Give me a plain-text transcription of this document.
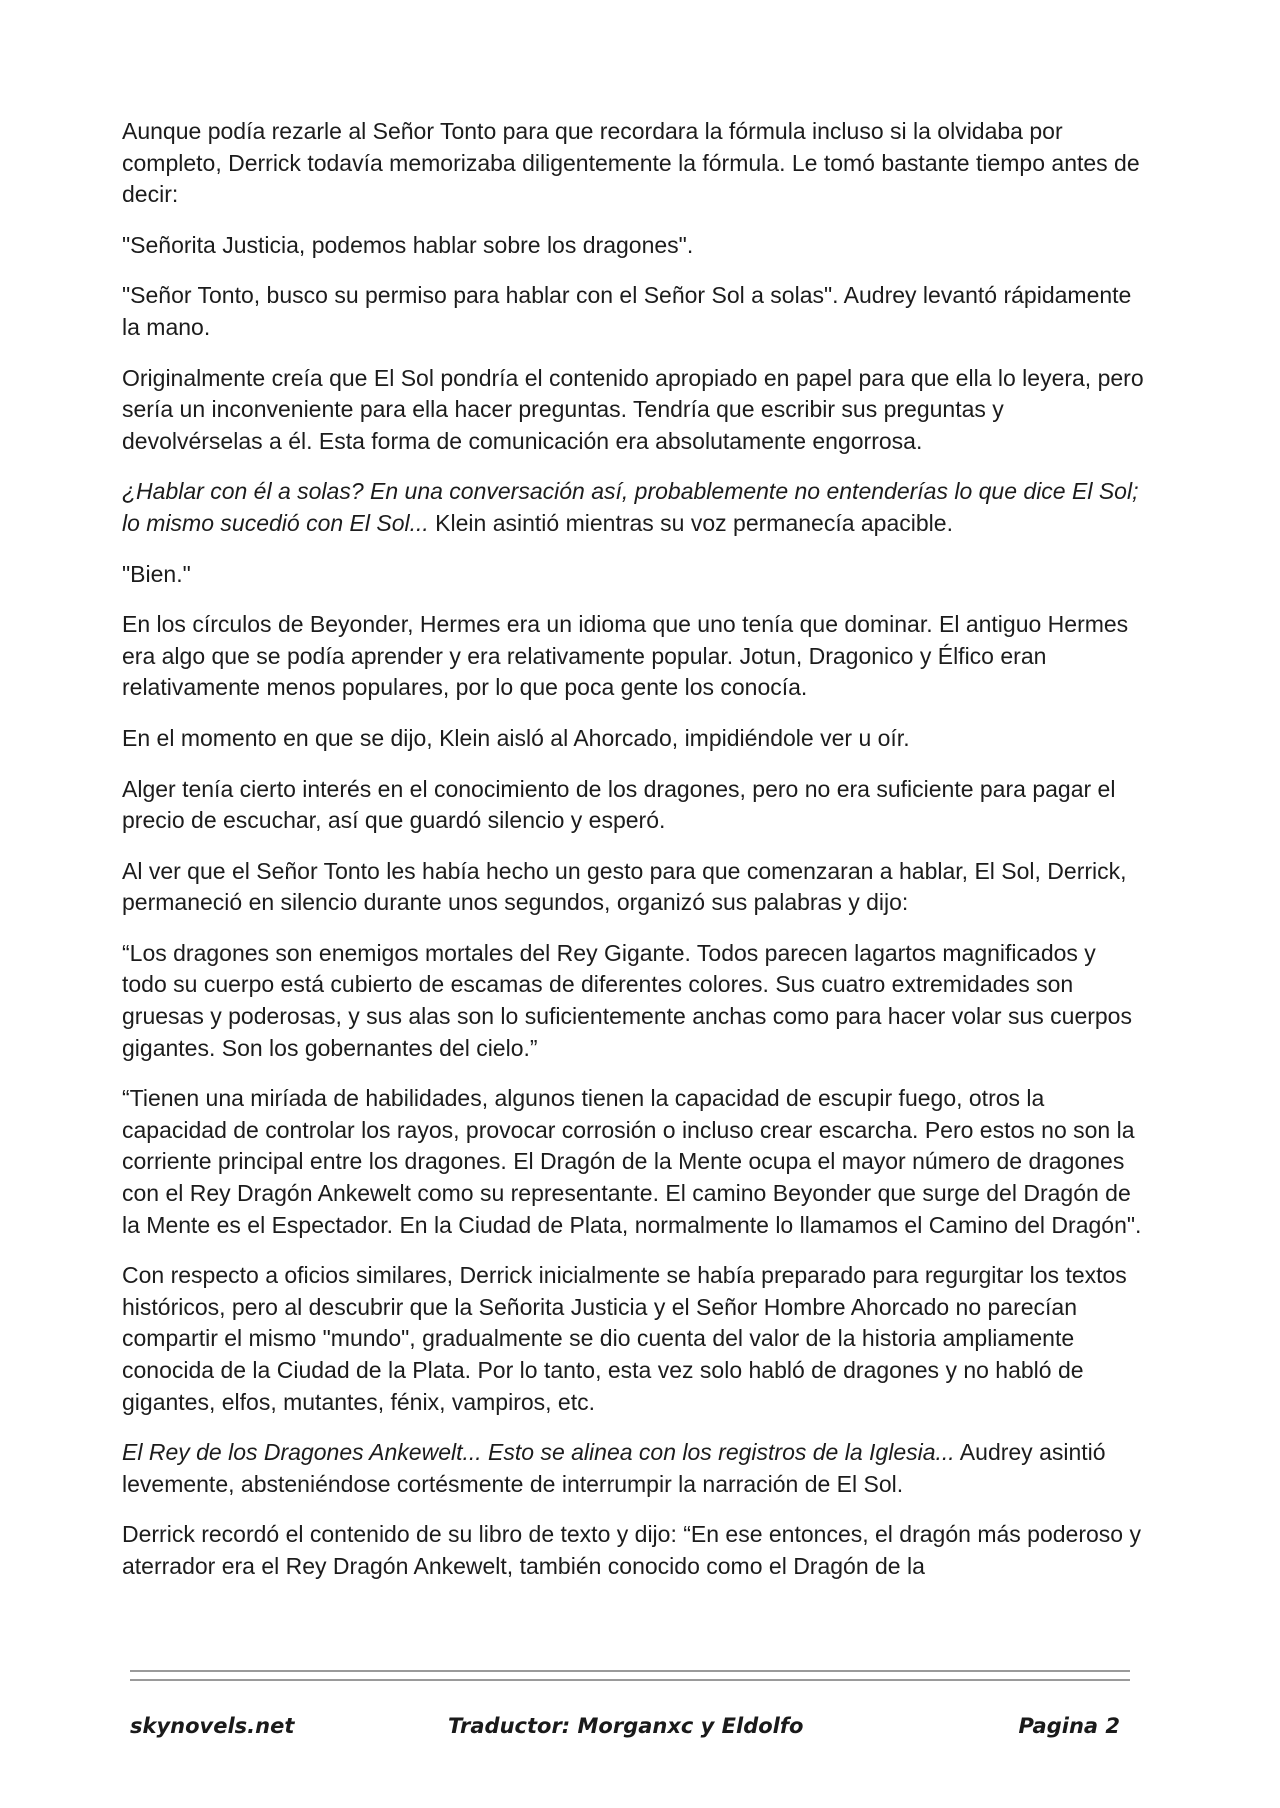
Aunque podía rezarle al Señor Tonto para que recordara la fórmula incluso si la olvidaba por completo, Derrick todavía memorizaba diligentemente la fórmula. Le tomó bastante tiempo antes de decir:

"Señorita Justicia, podemos hablar sobre los dragones".

"Señor Tonto, busco su permiso para hablar con el Señor Sol a solas". Audrey levantó rápidamente la mano.

Originalmente creía que El Sol pondría el contenido apropiado en papel para que ella lo leyera, pero sería un inconveniente para ella hacer preguntas. Tendría que escribir sus preguntas y devolvérselas a él. Esta forma de comunicación era absolutamente engorrosa.

¿Hablar con él a solas? En una conversación así, probablemente no entenderías lo que dice El Sol; lo mismo sucedió con El Sol... Klein asintió mientras su voz permanecía apacible.

"Bien."

En los círculos de Beyonder, Hermes era un idioma que uno tenía que dominar. El antiguo Hermes era algo que se podía aprender y era relativamente popular. Jotun, Dragonico y Élfico eran relativamente menos populares, por lo que poca gente los conocía.

En el momento en que se dijo, Klein aisló al Ahorcado, impidiéndole ver u oír.

Alger tenía cierto interés en el conocimiento de los dragones, pero no era suficiente para pagar el precio de escuchar, así que guardó silencio y esperó.

Al ver que el Señor Tonto les había hecho un gesto para que comenzaran a hablar, El Sol, Derrick, permaneció en silencio durante unos segundos, organizó sus palabras y dijo:

“Los dragones son enemigos mortales del Rey Gigante. Todos parecen lagartos magnificados y todo su cuerpo está cubierto de escamas de diferentes colores. Sus cuatro extremidades son gruesas y poderosas, y sus alas son lo suficientemente anchas como para hacer volar sus cuerpos gigantes. Son los gobernantes del cielo.”

“Tienen una miríada de habilidades, algunos tienen la capacidad de escupir fuego, otros la capacidad de controlar los rayos, provocar corrosión o incluso crear escarcha. Pero estos no son la corriente principal entre los dragones. El Dragón de la Mente ocupa el mayor número de dragones con el Rey Dragón Ankewelt como su representante. El camino Beyonder que surge del Dragón de la Mente es el Espectador. En la Ciudad de Plata, normalmente lo llamamos el Camino del Dragón".

Con respecto a oficios similares, Derrick inicialmente se había preparado para regurgitar los textos históricos, pero al descubrir que la Señorita Justicia y el Señor Hombre Ahorcado no parecían compartir el mismo "mundo", gradualmente se dio cuenta del valor de la historia ampliamente conocida de la Ciudad de la Plata. Por lo tanto, esta vez solo habló de dragones y no habló de gigantes, elfos, mutantes, fénix, vampiros, etc.

El Rey de los Dragones Ankewelt... Esto se alinea con los registros de la Iglesia... Audrey asintió levemente, absteniéndose cortésmente de interrumpir la narración de El Sol.

Derrick recordó el contenido de su libro de texto y dijo: “En ese entonces, el dragón más poderoso y aterrador era el Rey Dragón Ankewelt, también conocido como el Dragón de la

skynovels.net	Traductor: Morganxc y Eldolfo	Pagina 2
